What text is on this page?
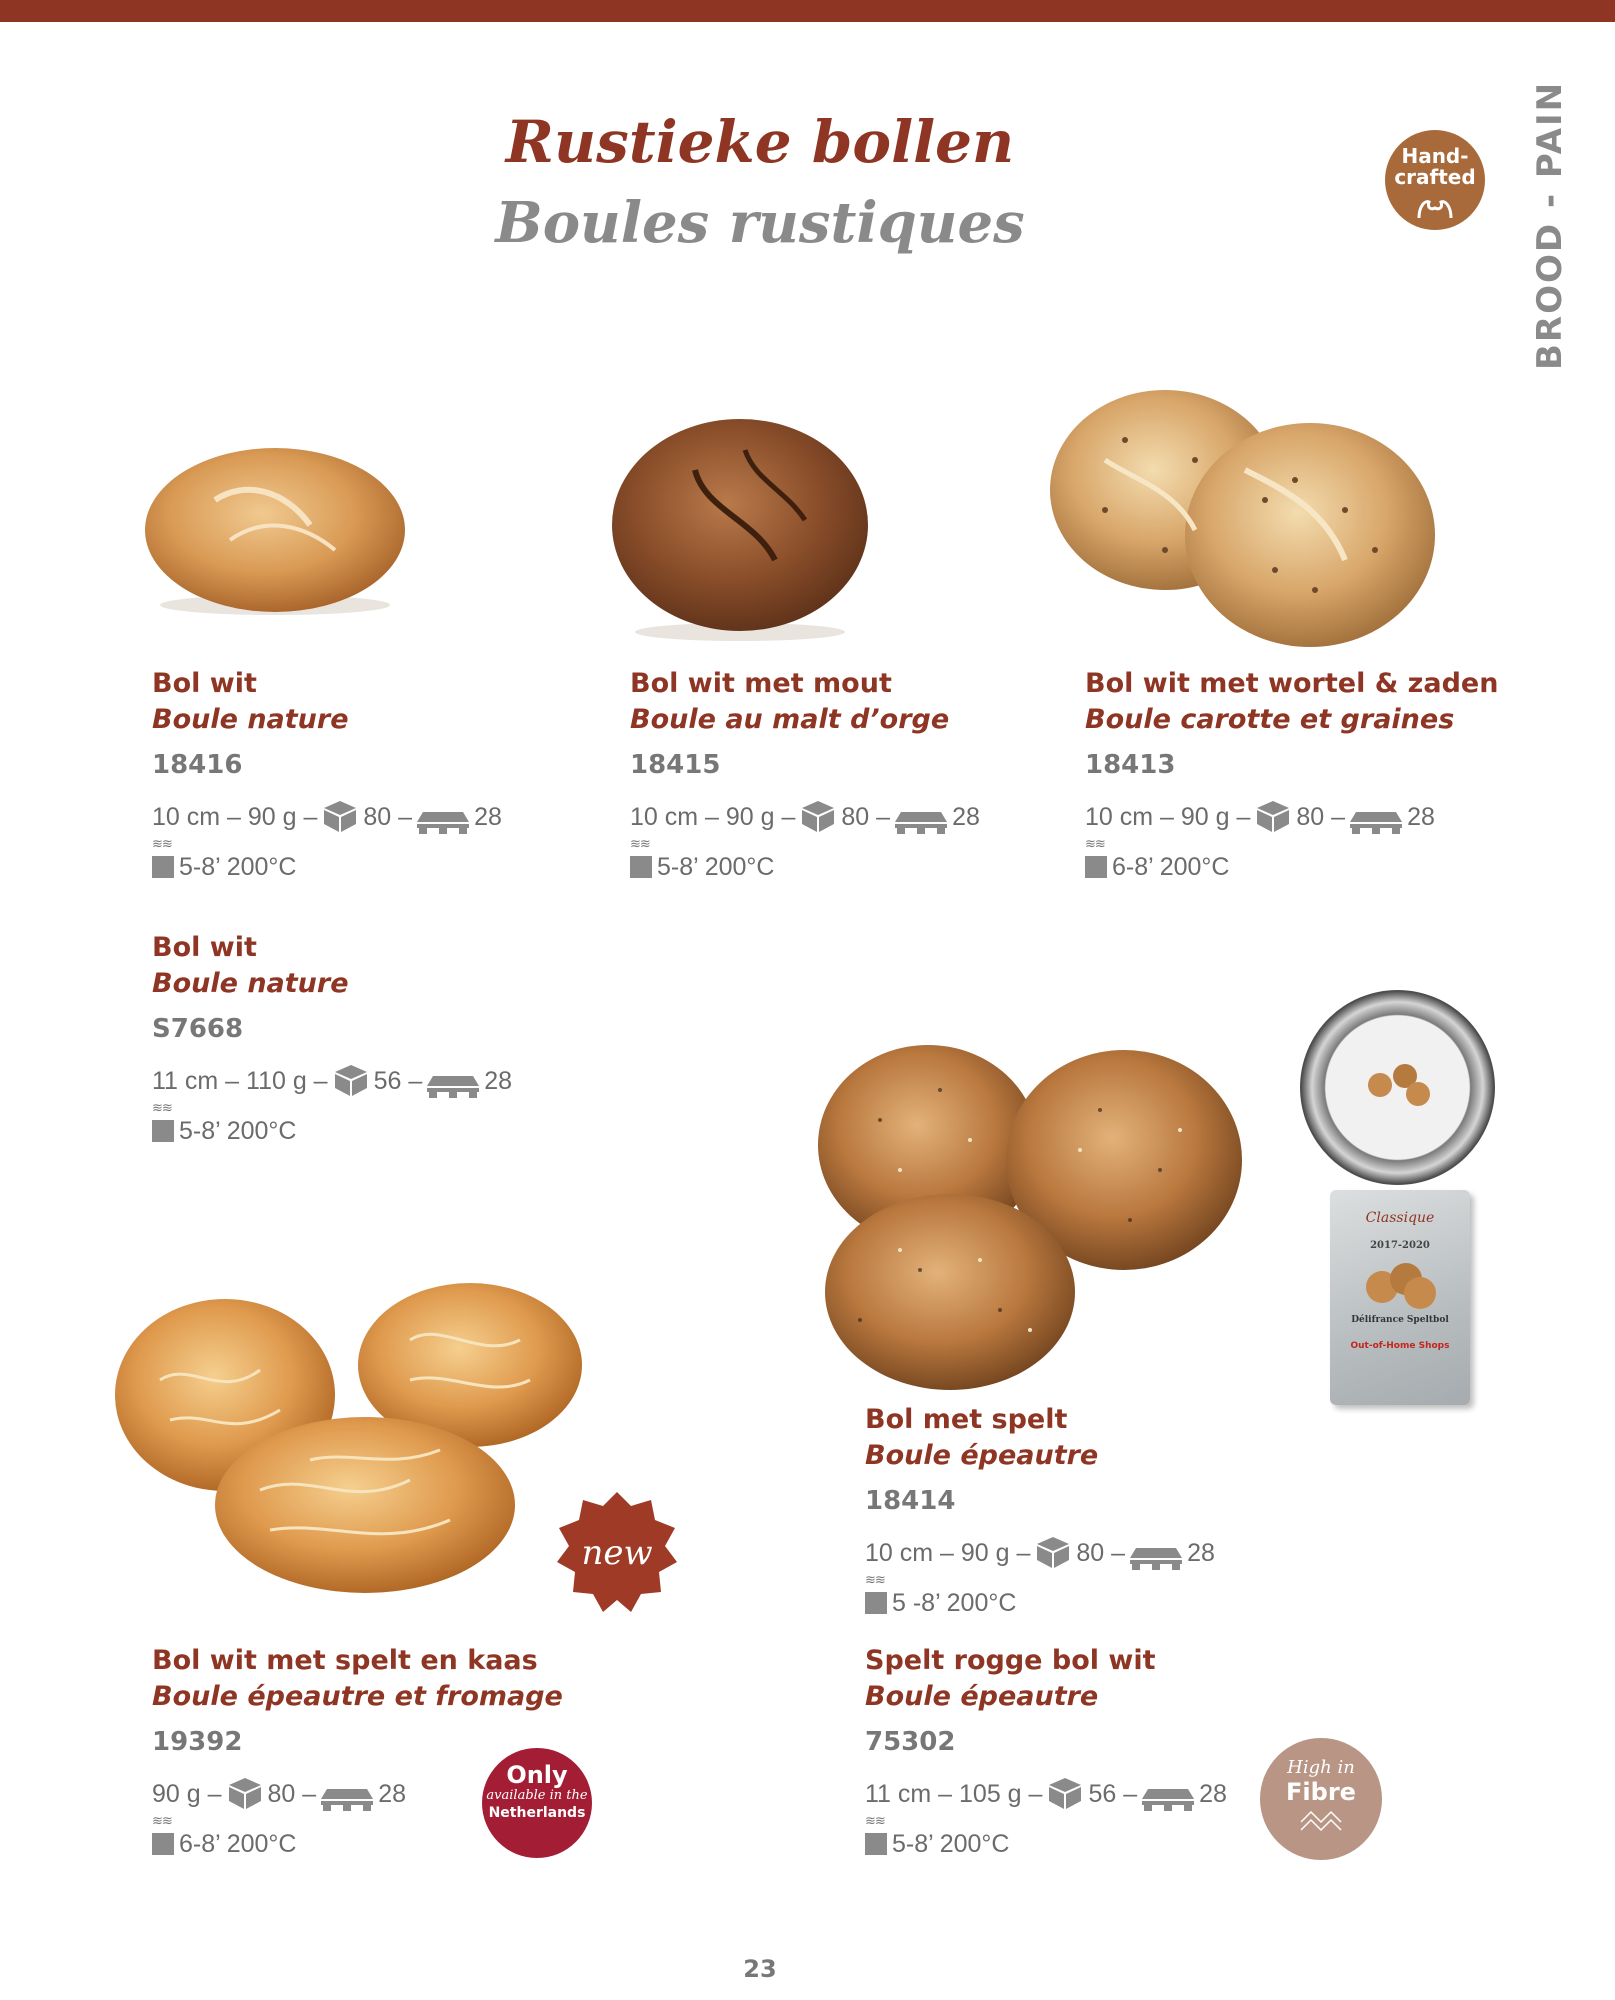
Rustieke bollen
Boules rustiques	BROOD - PAIN
Hand-
crafted
Classique
2017-2020
Délifrance Speltbol
Out-of-Home Shops
Bol wit
Boule nature
18416
10 cm – 90 g – 80 – 28
≋≋
5-8’ 200°C
Bol wit met mout
Boule au malt d’orge
18415
10 cm – 90 g – 80 – 28
≋≋
5-8’ 200°C
Bol wit met wortel & zaden
Boule carotte et graines
18413
10 cm – 90 g – 80 – 28
≋≋
6-8’ 200°C
Bol wit
Boule nature
S7668
11 cm – 110 g – 56 – 28
≋≋
5-8’ 200°C
Bol met spelt
Boule épeautre
18414
10 cm – 90 g – 80 – 28
≋≋
5 -8’ 200°C
Bol wit met spelt en kaas
Boule épeautre et fromage
19392
90 g – 80 – 28
≋≋
6-8’ 200°C
Spelt rogge bol wit
Boule épeautre
75302
11 cm – 105 g – 56 – 28
≋≋
5-8’ 200°C
new
Only
available in the
Netherlands
High in
Fibre
23
